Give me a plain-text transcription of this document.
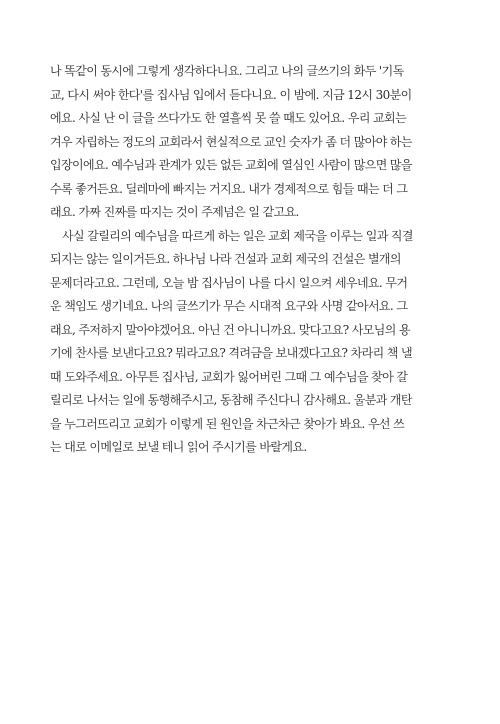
나 똑같이 동시에 그렇게 생각하다니요. 그리고 나의 글쓰기의 화두 '기독
교, 다시 써야 한다'를 집사님 입에서 듣다니요. 이 밤에. 지금 12시 30분이
에요. 사실 난 이 글을 쓰다가도 한 열흘씩 못 쓸 때도 있어요. 우리 교회는
겨우 자립하는 정도의 교회라서 현실적으로 교인 숫자가 좀 더 많아야 하는
입장이에요. 예수님과 관계가 있든 없든 교회에 열심인 사람이 많으면 많을
수록 좋거든요. 딜레마에 빠지는 거지요. 내가 경제적으로 힘들 때는 더 그
래요. 가짜 진짜를 따지는 것이 주제넘은 일 같고요.
사실 갈릴리의 예수님을 따르게 하는 일은 교회 제국을 이루는 일과 직결
되지는 않는 일이거든요. 하나님 나라 건설과 교회 제국의 건설은 별개의
문제더라고요. 그런데, 오늘 밤 집사님이 나를 다시 일으켜 세우네요. 무거
운 책임도 생기네요. 나의 글쓰기가 무슨 시대적 요구와 사명 같아서요. 그
래요, 주저하지 말아야겠어요. 아닌 건 아니니까요. 맞다고요? 사모님의 용
기에 찬사를 보낸다고요? 뭐라고요? 격려금을 보내겠다고요? 차라리 책 낼
때 도와주세요. 아무튼 집사님, 교회가 잃어버린 그때 그 예수님을 찾아 갈
릴리로 나서는 일에 동행해주시고, 동참해 주신다니 감사해요. 울분과 개탄
을 누그러뜨리고 교회가 이렇게 된 원인을 차근차근 찾아가 봐요. 우선 쓰
는 대로 이메일로 보낼 테니 읽어 주시기를 바랄게요.
